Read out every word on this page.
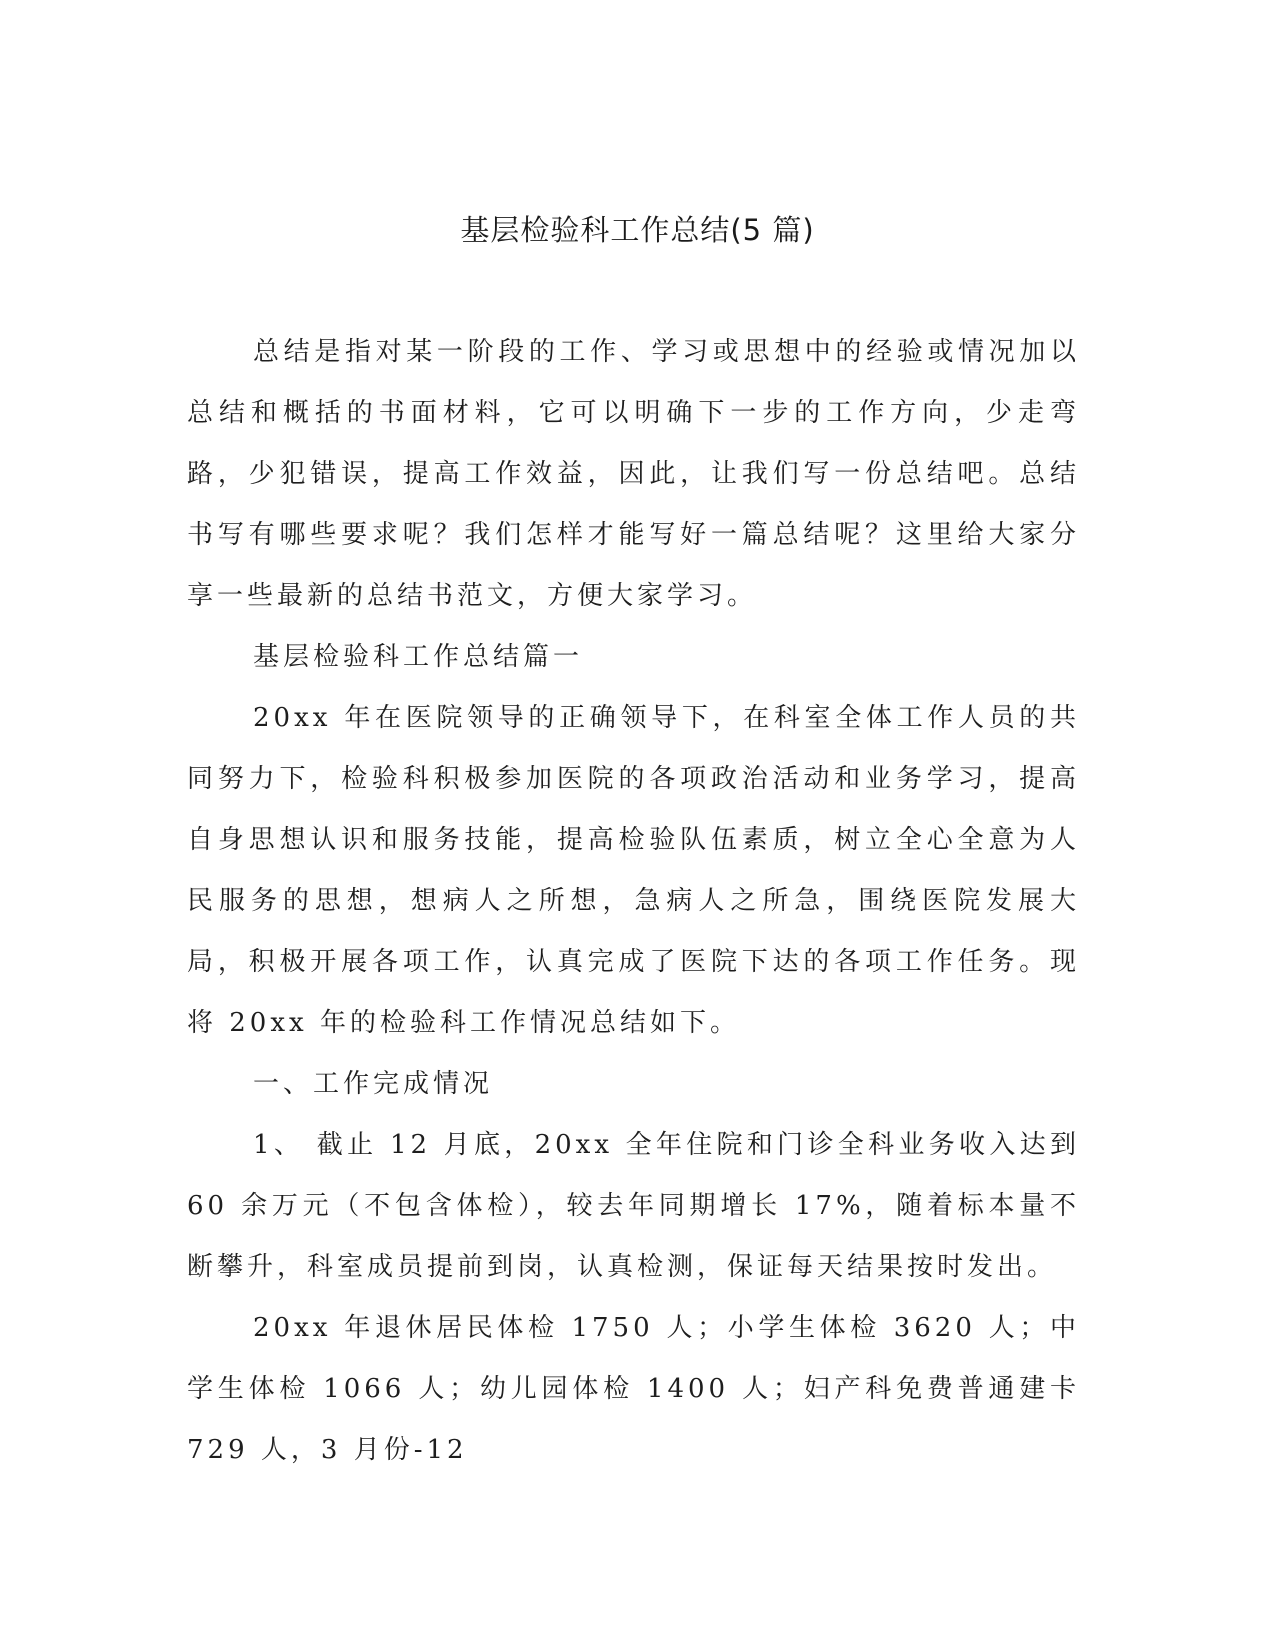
基层检验科工作总结(5 篇)

总结是指对某一阶段的工作、学习或思想中的经验或情况加以总结和概括的书面材料，它可以明确下一步的工作方向，少走弯路，少犯错误，提高工作效益，因此，让我们写一份总结吧。总结书写有哪些要求呢？我们怎样才能写好一篇总结呢？这里给大家分享一些最新的总结书范文，方便大家学习。

基层检验科工作总结篇一

20xx 年在医院领导的正确领导下，在科室全体工作人员的共同努力下，检验科积极参加医院的各项政治活动和业务学习，提高自身思想认识和服务技能，提高检验队伍素质，树立全心全意为人民服务的思想，想病人之所想，急病人之所急，围绕医院发展大局，积极开展各项工作，认真完成了医院下达的各项工作任务。现将 20xx 年的检验科工作情况总结如下。

一、工作完成情况

1、 截止 12 月底，20xx 全年住院和门诊全科业务收入达到 60 余万元（不包含体检），较去年同期增长 17%，随着标本量不断攀升，科室成员提前到岗，认真检测，保证每天结果按时发出。

20xx 年退休居民体检 1750 人；小学生体检 3620 人；中学生体检 1066 人；幼儿园体检 1400 人；妇产科免费普通建卡 729 人，3 月份-12
